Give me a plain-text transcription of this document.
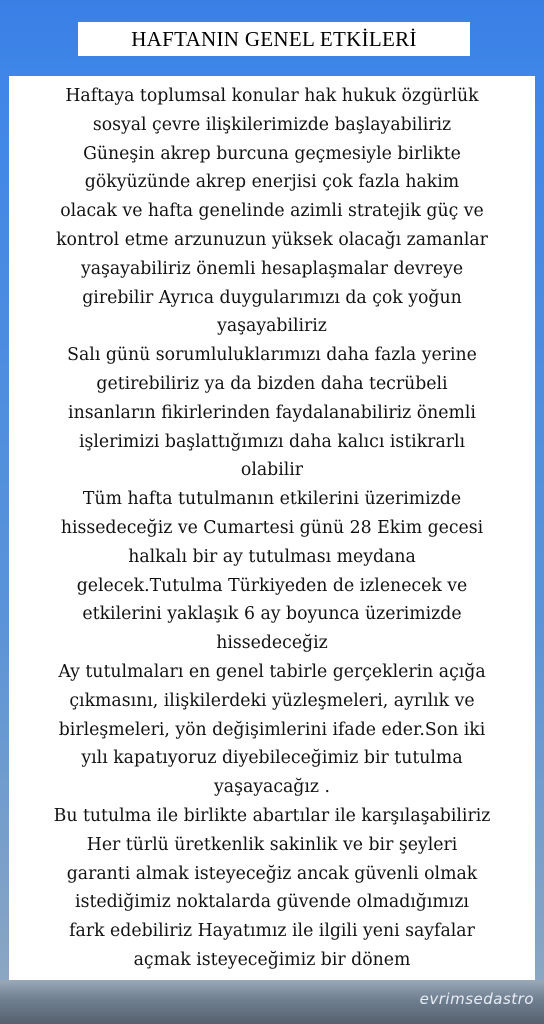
HAFTANIN GENEL ETKİLERİ

Haftaya toplumsal konular hak hukuk özgürlük

sosyal çevre ilişkilerimizde başlayabiliriz

Güneşin akrep burcuna geçmesiyle birlikte

gökyüzünde akrep enerjisi çok fazla hakim

olacak ve hafta genelinde azimli stratejik güç ve

kontrol etme arzunuzun yüksek olacağı zamanlar

yaşayabiliriz önemli hesaplaşmalar devreye

girebilir Ayrıca duygularımızı da çok yoğun

yaşayabiliriz

Salı günü sorumluluklarımızı daha fazla yerine

getirebiliriz ya da bizden daha tecrübeli

insanların fikirlerinden faydalanabiliriz önemli

işlerimizi başlattığımızı daha kalıcı istikrarlı

olabilir

Tüm hafta tutulmanın etkilerini üzerimizde

hissedeceğiz ve Cumartesi günü 28 Ekim gecesi

halkalı bir ay tutulması meydana

gelecek.Tutulma Türkiyeden de izlenecek ve

etkilerini yaklaşık 6 ay boyunca üzerimizde

hissedeceğiz

Ay tutulmaları en genel tabirle gerçeklerin açığa

çıkmasını, ilişkilerdeki yüzleşmeleri, ayrılık ve

birleşmeleri, yön değişimlerini ifade eder.Son iki

yılı kapatıyoruz diyebileceğimiz bir tutulma

yaşayacağız .

Bu tutulma ile birlikte abartılar ile karşılaşabiliriz

Her türlü üretkenlik sakinlik ve bir şeyleri

garanti almak isteyeceğiz ancak güvenli olmak

istediğimiz noktalarda güvende olmadığımızı

fark edebiliriz Hayatımız ile ilgili yeni sayfalar

açmak isteyeceğimiz bir dönem

evrimsedastro
